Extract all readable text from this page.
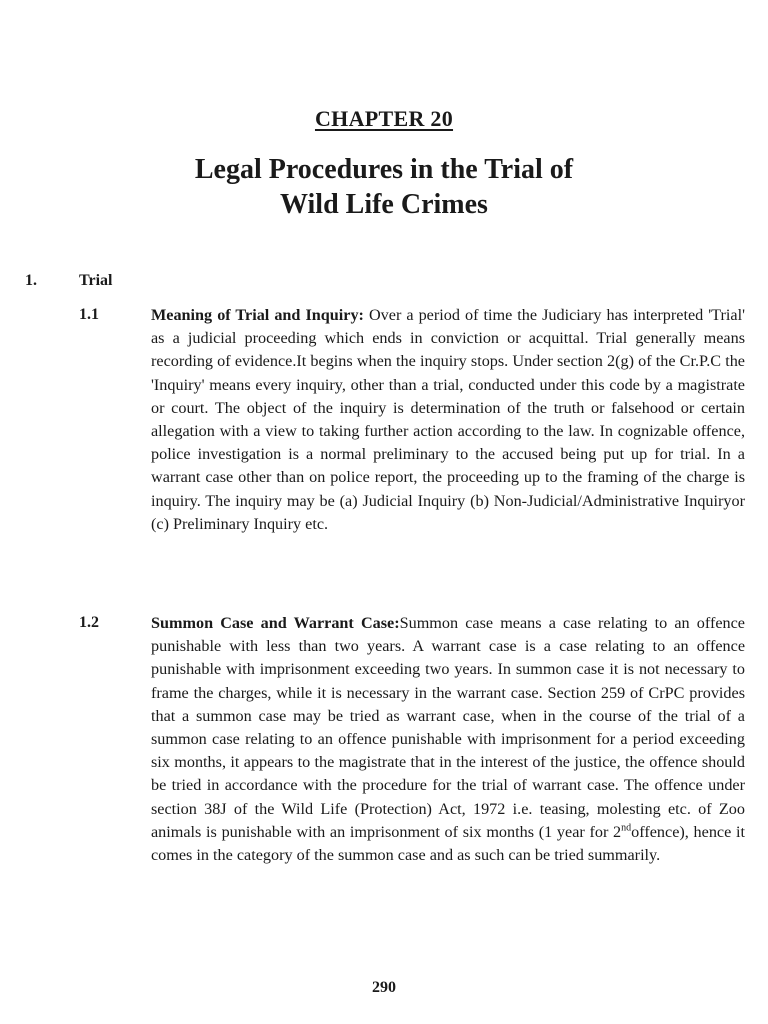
CHAPTER 20
Legal Procedures in the Trial of
Wild Life Crimes
1.	Trial
1.1	Meaning of Trial and Inquiry: Over a period of time the Judiciary has interpreted 'Trial' as a judicial proceeding which ends in conviction or acquittal. Trial generally means recording of evidence.It begins when the inquiry stops. Under section 2(g) of the Cr.P.C the 'Inquiry' means every inquiry, other than a trial, conducted under this code by a magistrate or court. The object of the inquiry is determination of the truth or falsehood or certain allegation with a view to taking further action according to the law. In cognizable offence, police investigation is a normal preliminary to the accused being put up for trial. In a warrant case other than on police report, the proceeding up to the framing of the charge is inquiry. The inquiry may be (a) Judicial Inquiry (b) Non-Judicial/Administrative Inquiryor (c) Preliminary Inquiry etc.

1.2	Summon Case and Warrant Case:Summon case means a case relating to an offence punishable with less than two years. A warrant case is a case relating to an offence punishable with imprisonment exceeding two years. In summon case it is not necessary to frame the charges, while it is necessary in the warrant case. Section 259 of CrPC provides that a summon case may be tried as warrant case, when in the course of the trial of a summon case relating to an offence punishable with imprisonment for a period exceeding six months, it appears to the magistrate that in the interest of the justice, the offence should be tried in accordance with the procedure for the trial of warrant case. The offence under section 38J of the Wild Life (Protection) Act, 1972 i.e. teasing, molesting etc. of Zoo animals is punishable with an imprisonment of six months (1 year for 2ndoffence), hence it comes in the category of the summon case and as such can be tried summarily.

290
